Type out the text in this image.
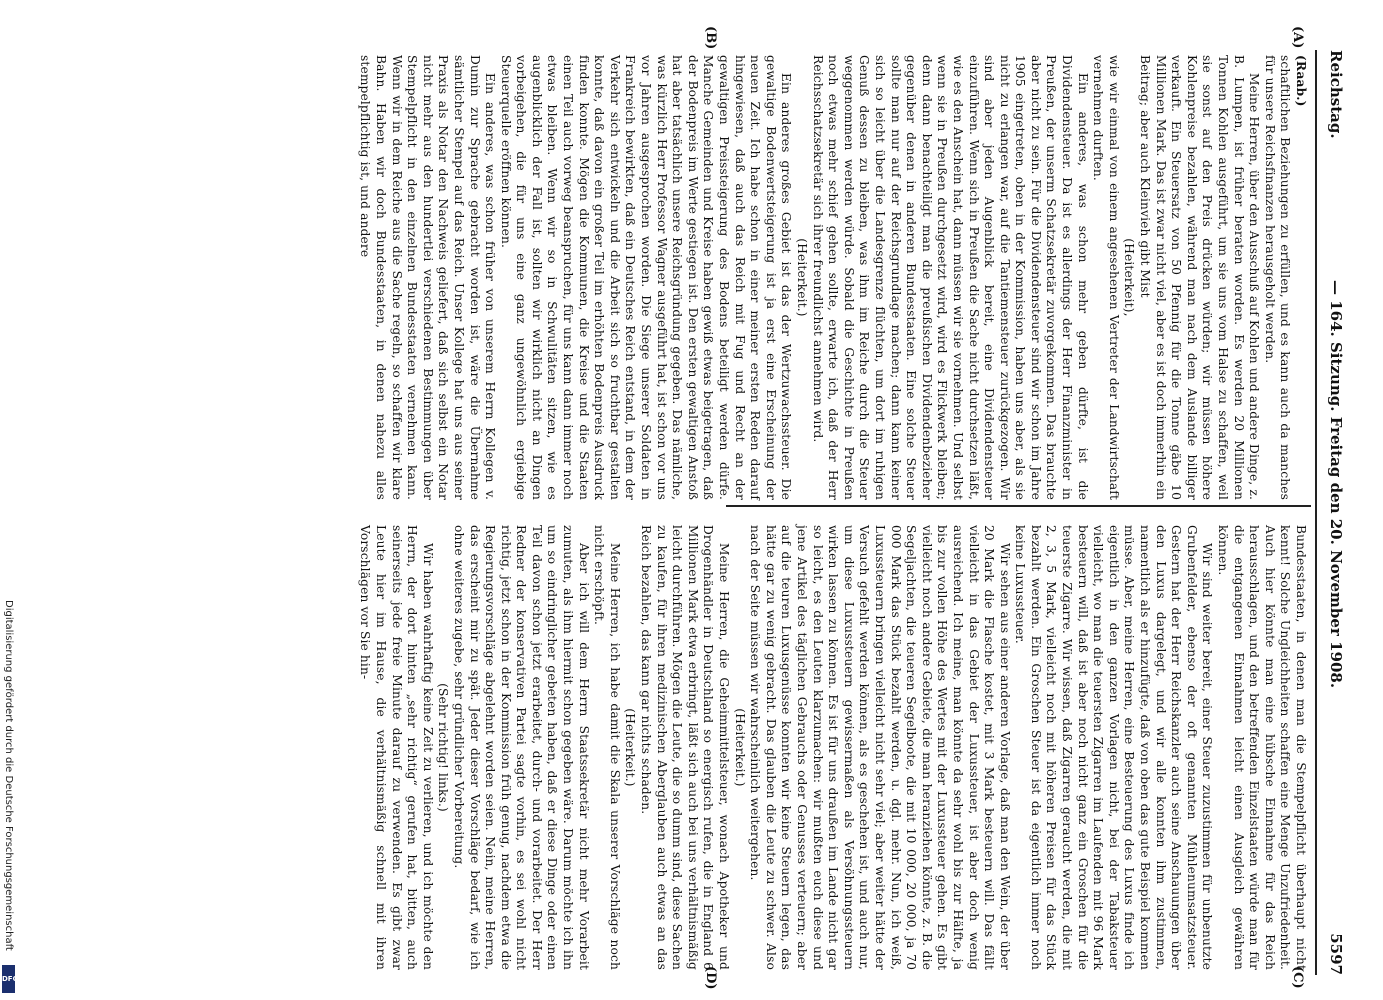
Reichstag.
— 164. Sitzung. Freitag den 20. November 1908.
5597
(A)
(B)
(C)
(D)

(Raab.)

schaftlichen Beziehungen zu erfüllen, und es kann auch da manches für unsere Reichsfinanzen herausgeholt werden.

Meine Herren, über den Ausschuß auf Kohlen und andere Dinge, z. B. Lumpen, ist früher beraten worden. Es werden 20 Millionen Tonnen Kohlen ausgeführt, um sie uns vom Halse zu schaffen, weil sie sonst auf den Preis drücken würden; wir müssen höhere Kohlenpreise bezahlen, während man nach dem Auslande billiger verkauft. Ein Steuersatz von 50 Pfennig für die Tonne gäbe 10 Millionen Mark. Das ist zwar nicht viel, aber es ist doch immerhin ein Beitrag; aber auch Kleinvieh gibt Mist

(Heiterkeit),

wie wir einmal von einem angesehenen Vertreter der Landwirtschaft vernehmen durften.

Ein anderes, was schon mehr geben dürfte, ist die Dividendensteuer. Da ist es allerdings der Herr Finanzminister in Preußen, der unserm Schatzsekretär zuvorgekommen. Das brauchte aber nicht zu sein. Für die Dividendensteuer sind wir schon im Jahre 1905 eingetreten, oben in der Kommission, haben uns aber, als sie nicht zu erlangen war, auf die Tantiemensteuer zurückgezogen. Wir sind aber jeden Augenblick bereit, eine Dividendensteuer einzuführen. Wenn sich in Preußen die Sache nicht durchsetzen läßt, wie es den Anschein hat, dann müssen wir sie vornehmen. Und selbst wenn sie in Preußen durchgesetzt wird, wird es Flickwerk bleiben; denn dann benachteiligt man die preußischen Dividendenbezieher gegenüber denen in anderen Bundesstaaten. Eine solche Steuer sollte man nur auf der Reichsgrundlage machen; dann kann keiner sich so leicht über die Landesgrenze flüchten, um dort im ruhigen Genuß dessen zu bleiben, was ihm im Reiche durch die Steuer weggenommen werden würde. Sobald die Geschichte in Preußen noch etwas mehr schief gehen sollte, erwarte ich, daß der Herr Reichsschatzsekretär sich ihrer freundlichst annehmen wird.

(Heiterkeit.)

Ein anderes großes Gebiet ist das der Wertzuwachssteuer. Die gewaltige Bodenwertsteigerung ist ja erst eine Erscheinung der neuen Zeit. Ich habe schon in einer meiner ersten Reden darauf hingewiesen, daß auch das Reich mit Fug und Recht an der gewaltigen Preissteigerung des Bodens beteiligt werden dürfe. Manche Gemeinden und Kreise haben gewiß etwas beigetragen, daß der Bodenpreis im Werte gestiegen ist. Den ersten gewaltigen Anstoß hat aber tatsächlich unsere Reichsgründung gegeben. Das nämliche, was kürzlich Herr Professor Wagner ausgeführt hat, ist schon vor uns vor Jahren ausgesprochen worden. Die Siege unserer Soldaten in Frankreich bewirkten, daß ein Deutsches Reich entstand, in dem der Verkehr sich entwickeln und die Arbeit sich so fruchtbar gestalten konnte, daß davon ein großer Teil im erhöhten Bodenpreis Ausdruck finden konnte. Mögen die Kommunen, die Kreise und die Staaten einen Teil auch vorweg beanspruchen, für uns kann dann immer noch etwas bleiben. Wenn wir so in Schwulitäten sitzen, wie es augenblicklich der Fall ist, sollten wir wirklich nicht an Dingen vorbeigehen, die für uns eine ganz ungewöhnlich ergiebige Steuerquelle eröffnen können.

Ein anderes, was schon früher von unserem Herrn Kollegen v. Dumin zur Sprache gebracht worden ist, wäre die Übernahme sämtlicher Stempel auf das Reich. Unser Kollege hat uns aus seiner Praxis als Notar den Nachweis geliefert, daß sich selbst ein Notar nicht mehr aus den hundertlei verschiedenen Bestimmungen über Stempelpflicht in den einzelnen Bundesstaaten vernehmen kann. Wenn wir in dem Reiche aus die Sache regeln, so schaffen wir klare Bahn. Haben wir doch Bundesstaaten, in denen nahezu alles stempelpflichtig ist, und andere

Bundesstaaten, in denen man die Stempelpflicht überhaupt nicht kennt! Solche Ungleichheiten schaffen eine Menge Unzufriedenheit. Auch hier könnte man eine hübsche Einnahme für das Reich herausschlagen, und den betreffenden Einzelstaaten würde man für die entgangenen Einnahmen leicht einen Ausgleich gewähren können.

Wir sind weiter bereit, einer Steuer zuzustimmen für unbenutzte Grubenfelder, ebenso der oft genannten Mühlenumsatzsteuer. Gestern hat der Herr Reichskanzler auch seine Anschauungen über den Luxus dargelegt, und wir alle konnten ihm zustimmen, namentlich als er hinzufügte, daß von oben das gute Beispiel kommen müsse. Aber, meine Herren, eine Besteuerung des Luxus finde ich eigentlich in den ganzen Vorlagen nicht, bei der Tabaksteuer vielleicht, wo man die teuersten Zigarren im Laufenden mit 96 Mark besteuern will, daß ist aber noch nicht ganz ein Groschen für die teuerste Zigarre. Wir wissen, daß Zigarren geraucht werden, die mit 2, 3, 5 Mark, vielleicht noch mit höheren Preisen für das Stück bezahlt werden. Ein Groschen Steuer ist da eigentlich immer noch keine Luxussteuer.

Wir sehen aus einer anderen Vorlage, daß man den Wein, der über 20 Mark die Flasche kostet, mit 3 Mark besteuern will. Das fällt vielleicht in das Gebiet der Luxussteuer, ist aber doch wenig ausreichend. Ich meine, man könnte da sehr wohl bis zur Hälfte, ja bis zur vollen Höhe des Wertes mit der Luxussteuer gehen. Es gibt vielleicht noch andere Gebiete, die man heranziehen könnte, z. B. die Segeljachten, die teueren Segelboote, die mit 10 000, 20 000, ja 70 000 Mark das Stück bezahlt werden, u. dgl. mehr. Nun, ich weiß, Luxussteuern bringen vielleicht nicht sehr viel; aber weiter hätte der Versuch gefehlt werden können, als es geschehen ist, und auch nur, um diese Luxussteuern gewissermaßen als Versöhnungssteuern wirken lassen zu können. Es ist für uns draußen im Lande nicht gar so leicht, es den Leuten klarzumachen: wir mußten euch diese und jene Artikel des täglichen Gebrauchs oder Genusses verteuern; aber auf die teuren Luxusgenüsse konnten wir keine Steuern legen, das hätte gar zu wenig gebracht. Das glauben die Leute zu schwer. Also nach der Seite müssen wir wahrscheinlich weitergehen.

(Heiterkeit.)

Meine Herren, die Geheimmittelsteuer, wonach Apotheker und Drogenhändler in Deutschland so energisch rufen, die in England 6 Millionen Mark etwa erbringt, läßt sich auch bei uns verhältnismäßig leicht durchführen. Mögen die Leute, die so dumm sind, diese Sachen zu kaufen, für ihren medizinischen Aberglauben auch etwas an das Reich bezahlen, das kann gar nichts schaden.

(Heiterkeit.)

Meine Herren, ich habe damit die Skala unserer Vorschläge noch nicht erschöpft.

Aber ich will dem Herrn Staatssekretär nicht mehr Vorarbeit zumuten, als ihm hiermit schon gegeben wäre. Darum möchte ich ihn um so eindringlicher gebeten haben, daß er diese Dinge oder einen Teil davon schon jetzt erarbeitet, durch- und vorarbeitet. Der Herr Redner der konservativen Partei sagte vorhin, es sei wohl nicht richtig, jetzt schon in der Kommission früh genug, nachdem etwa die Regierungsvorschläge abgelehnt worden seien. Nein, meine Herren, das erscheint mir zu spät. Jeder dieser Vorschläge bedarf, wie ich ohne weiteres zugebe, sehr gründlicher Vorbereitung.

(Sehr richtig! links.)

Wir haben wahrhaftig keine Zeit zu verlieren, und ich möchte den Herrn, der dort hinten „sehr richtig“ gerufen hat, bitten, auch seinerseits jede freie Minute darauf zu verwenden. Es gibt zwar Leute hier im Hause, die verhältnismäßig schnell mit ihren Vorschlägen vor Sie hin-

Digitalisierung gefördert durch die Deutsche Forschungsgemeinschaft
DFG
